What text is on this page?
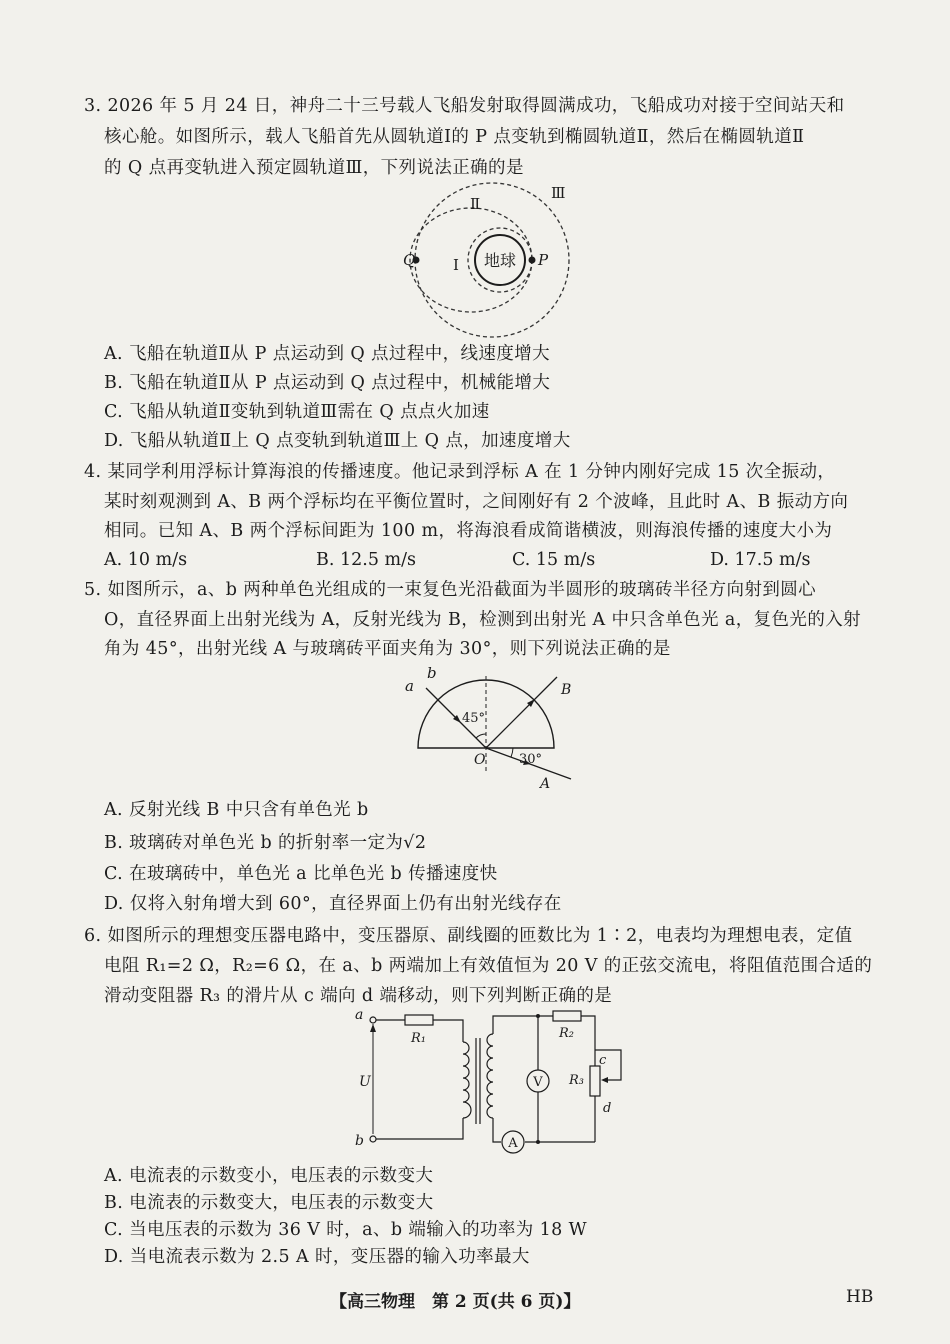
3. 2026 年 5 月 24 日，神舟二十三号载人飞船发射取得圆满成功，飞船成功对接于空间站天和
核心舱。如图所示，载人飞船首先从圆轨道Ⅰ的 P 点变轨到椭圆轨道Ⅱ，然后在椭圆轨道Ⅱ
的 Q 点再变轨进入预定圆轨道Ⅲ，下列说法正确的是
地球
Q	P
Ⅰ
Ⅱ
Ⅲ
A. 飞船在轨道Ⅱ从 P 点运动到 Q 点过程中，线速度增大
B. 飞船在轨道Ⅱ从 P 点运动到 Q 点过程中，机械能增大
C. 飞船从轨道Ⅱ变轨到轨道Ⅲ需在 Q 点点火加速
D. 飞船从轨道Ⅱ上 Q 点变轨到轨道Ⅲ上 Q 点，加速度增大
4. 某同学利用浮标计算海浪的传播速度。他记录到浮标 A 在 1 分钟内刚好完成 15 次全振动，
某时刻观测到 A、B 两个浮标均在平衡位置时，之间刚好有 2 个波峰，且此时 A、B 振动方向
相同。已知 A、B 两个浮标间距为 100 m，将海浪看成简谐横波，则海浪传播的速度大小为
A. 10 m/s	B. 12.5 m/s	C. 15 m/s	D. 17.5 m/s
5. 如图所示，a、b 两种单色光组成的一束复色光沿截面为半圆形的玻璃砖半径方向射到圆心
O，直径界面上出射光线为 A，反射光线为 B，检测到出射光 A 中只含单色光 a，复色光的入射
角为 45°，出射光线 A 与玻璃砖平面夹角为 30°，则下列说法正确的是
a
b
B
45°
O	30°
A
A. 反射光线 B 中只含有单色光 b
B. 玻璃砖对单色光 b 的折射率一定为√2
C. 在玻璃砖中，单色光 a 比单色光 b 传播速度快
D. 仅将入射角增大到 60°，直径界面上仍有出射光线存在
6. 如图所示的理想变压器电路中，变压器原、副线圈的匝数比为 1∶2，电表均为理想电表，定值
电阻 R₁=2 Ω，R₂=6 Ω，在 a、b 两端加上有效值恒为 20 V 的正弦交流电，将阻值范围合适的
滑动变阻器 R₃ 的滑片从 c 端向 d 端移动，则下列判断正确的是
a
b
U
R₁
V
A
R₂
R₃
c
d
A. 电流表的示数变小，电压表的示数变大
B. 电流表的示数变大，电压表的示数变大
C. 当电压表的示数为 36 V 时，a、b 端输入的功率为 18 W
D. 当电流表示数为 2.5 A 时，变压器的输入功率最大
【高三物理　第 2 页(共 6 页)】	HB
